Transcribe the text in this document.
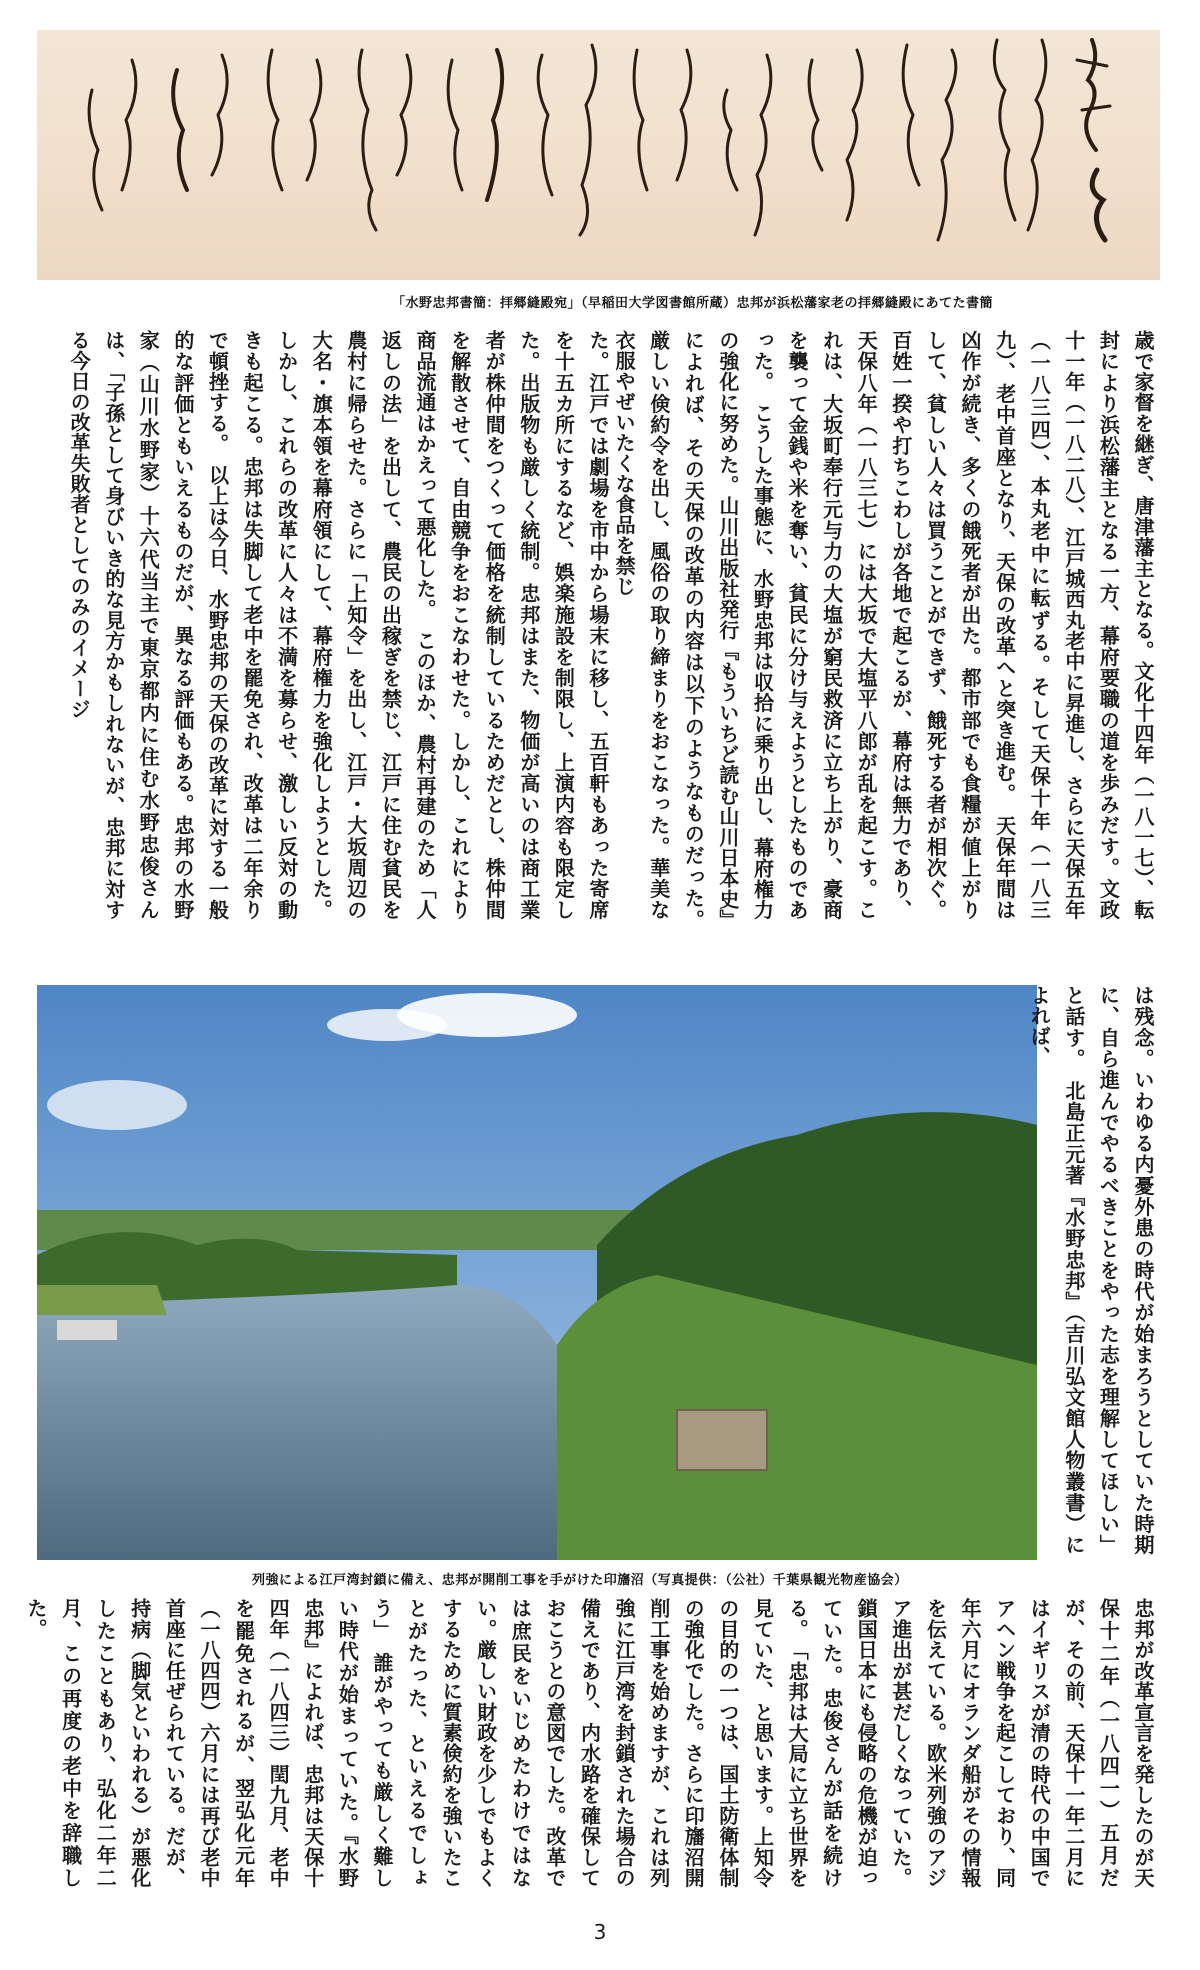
「水野忠邦書簡：拝郷縫殿宛」（早稲田大学図書館所蔵）忠邦が浜松藩家老の拝郷縫殿にあてた書簡
歳で家督を継ぎ、唐津藩主となる。文化十四年（一八一七）、転封により浜松藩主となる一方、幕府要職の道を歩みだす。文政十一年（一八二八）、江戸城西丸老中に昇進し、さらに天保五年（一八三四）、本丸老中に転ずる。そして天保十年（一八三九）、老中首座となり、天保の改革へと突き進む。　天保年間は凶作が続き、多くの餓死者が出た。都市部でも食糧が値上がりして、貧しい人々は買うことができず、餓死する者が相次ぐ。百姓一揆や打ちこわしが各地で起こるが、幕府は無力であり、天保八年（一八三七）には大坂で大塩平八郎が乱を起こす。これは、大坂町奉行元与力の大塩が窮民救済に立ち上がり、豪商を襲って金銭や米を奪い、貧民に分け与えようとしたものであった。　こうした事態に、水野忠邦は収拾に乗り出し、幕府権力の強化に努めた。山川出版社発行『もういちど読む山川日本史』によれば、その天保の改革の内容は以下のようなものだった。　厳しい倹約令を出し、風俗の取り締まりをおこなった。華美な衣服やぜいたくな食品を禁じ
た。江戸では劇場を市中から場末に移し、五百軒もあった寄席を十五カ所にするなど、娯楽施設を制限し、上演内容も限定した。出版物も厳しく統制。忠邦はまた、物価が高いのは商工業者が株仲間をつくって価格を統制しているためだとし、株仲間を解散させて、自由競争をおこなわせた。しかし、これにより商品流通はかえって悪化した。　このほか、農村再建のため「人返しの法」を出して、農民の出稼ぎを禁じ、江戸に住む貧民を農村に帰らせた。さらに「上知令」を出し、江戸・大坂周辺の大名・旗本領を幕府領にして、幕府権力を強化しようとした。しかし、これらの改革に人々は不満を募らせ、激しい反対の動きも起こる。忠邦は失脚して老中を罷免され、改革は二年余りで頓挫する。　以上は今日、水野忠邦の天保の改革に対する一般的な評価ともいえるものだが、異なる評価もある。忠邦の水野家（山川水野家）十六代当主で東京都内に住む水野忠俊さんは、「子孫として身びいき的な見方かもしれないが、忠邦に対する今日の改革失敗者としてのみのイメージ
は残念。いわゆる内憂外患の時代が始まろうとしていた時期に、自ら進んでやるべきことをやった志を理解してほしい」と話す。　北島正元著『水野忠邦』（吉川弘文館人物叢書）によれば、
列強による江戸湾封鎖に備え、忠邦が開削工事を手がけた印旛沼（写真提供：（公社）千葉県観光物産協会）
忠邦が改革宣言を発したのが天保十二年（一八四一）五月だが、その前、天保十一年二月にはイギリスが清の時代の中国でアヘン戦争を起こしており、同年六月にオランダ船がその情報を伝えている。欧米列強のアジア進出が甚だしくなっていた。鎖国日本にも侵略の危機が迫っていた。忠俊さんが話を続ける。　「忠邦は大局に立ち世界を見ていた、と思います。上知令の目的の一つは、国土防衛体制の強化でした。さらに印旛沼開削工事を始めますが、これは列強に江戸湾を封鎖された場合の備えであり、内水路を確保しておこうとの意図でした。改革では庶民をいじめたわけではない。厳しい財政を少しでもよくするために質素倹約を強いたことがたった、といえるでしょう」　誰がやっても厳しく難しい時代が始まっていた。『水野忠邦』によれば、忠邦は天保十四年（一八四三）閏九月、老中を罷免されるが、翌弘化元年（一八四四）六月には再び老中首座に任ぜられている。だが、持病（脚気といわれる）が悪化したこともあり、弘化二年二月、この再度の老中を辞職した。
3
